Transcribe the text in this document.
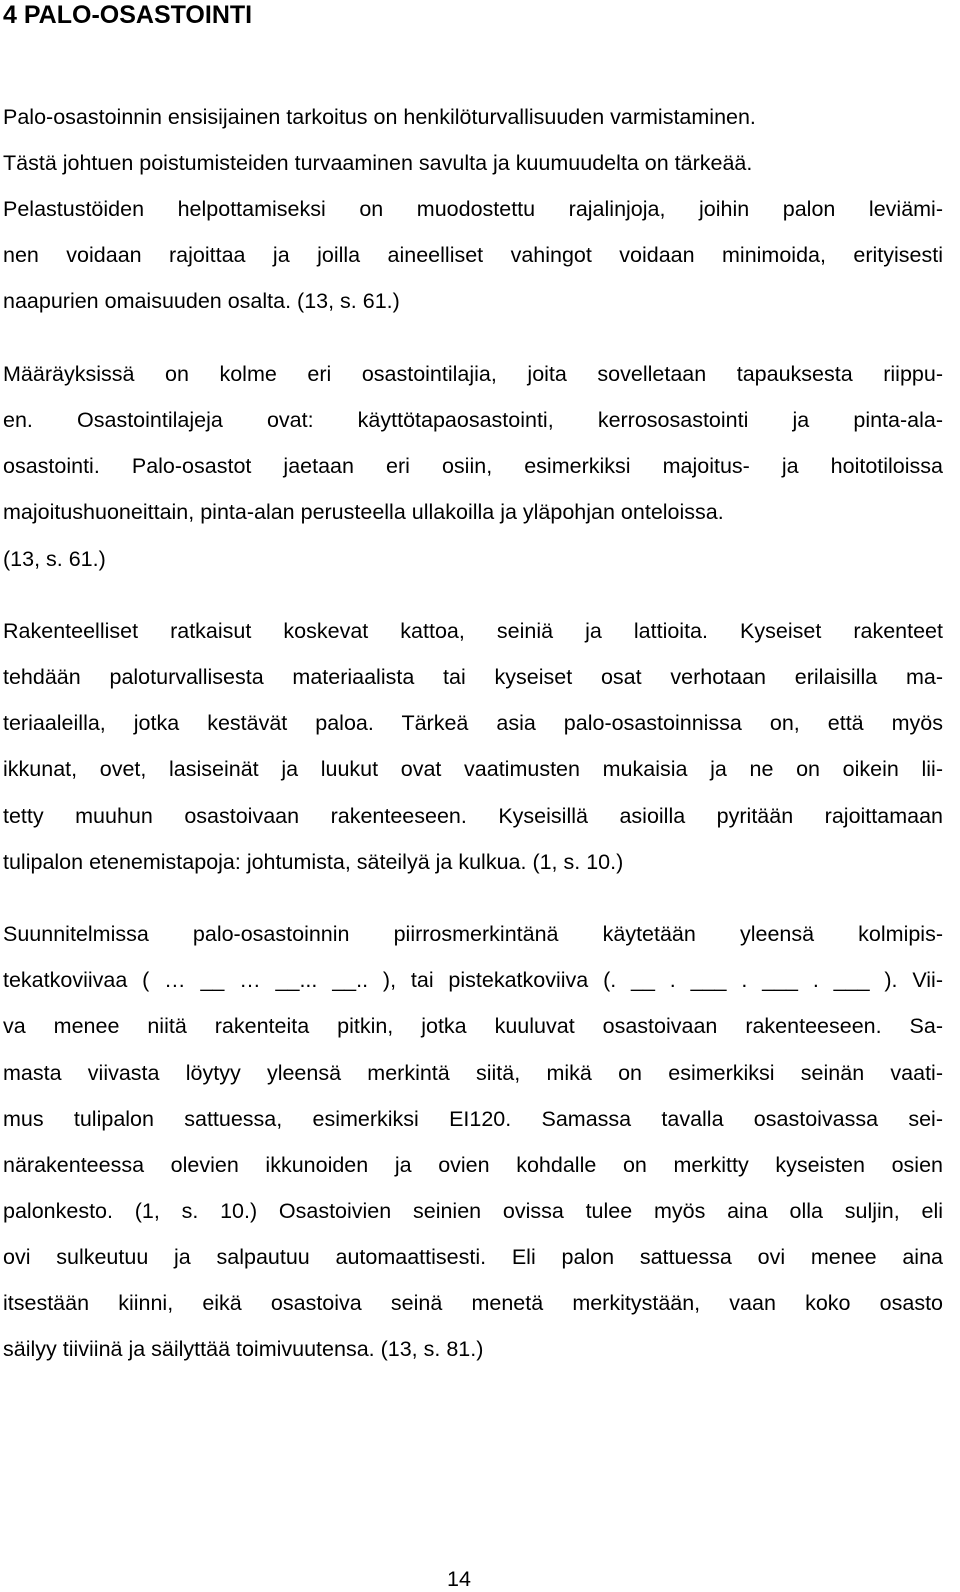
4 PALO-OSASTOINTI
Palo-osastoinnin ensisijainen tarkoitus on henkilöturvallisuuden varmistaminen.
Tästä johtuen poistumisteiden turvaaminen savulta ja kuumuudelta on tärkeää.
Pelastustöiden helpottamiseksi on muodostettu rajalinjoja, joihin palon leviämi-
nen voidaan rajoittaa ja joilla aineelliset vahingot voidaan minimoida, erityisesti
naapurien omaisuuden osalta. (13, s. 61.)
Määräyksissä on kolme eri osastointilajia, joita sovelletaan tapauksesta riippu-
en. Osastointilajeja ovat: käyttötapaosastointi, kerrososastointi ja pinta-ala-
osastointi. Palo-osastot jaetaan eri osiin, esimerkiksi majoitus- ja hoitotiloissa
majoitushuoneittain, pinta-alan perusteella ullakoilla ja yläpohjan onteloissa.
(13, s. 61.)
Rakenteelliset ratkaisut koskevat kattoa, seiniä ja lattioita. Kyseiset rakenteet
tehdään paloturvallisesta materiaalista tai kyseiset osat verhotaan erilaisilla ma-
teriaaleilla, jotka kestävät paloa. Tärkeä asia palo-osastoinnissa on, että myös
ikkunat, ovet, lasiseinät ja luukut ovat vaatimusten mukaisia ja ne on oikein lii-
tetty muuhun osastoivaan rakenteeseen. Kyseisillä asioilla pyritään rajoittamaan
tulipalon etenemistapoja: johtumista, säteilyä ja kulkua. (1, s. 10.)
Suunnitelmissa palo-osastoinnin piirrosmerkintänä käytetään yleensä kolmipis-
tekatkoviivaa ( … __ … __... __.. ), tai pistekatkoviiva (. __ . ___ . ___ . ___ ). Vii-
va menee niitä rakenteita pitkin, jotka kuuluvat osastoivaan rakenteeseen. Sa-
masta viivasta löytyy yleensä merkintä siitä, mikä on esimerkiksi seinän vaati-
mus tulipalon sattuessa, esimerkiksi EI120. Samassa tavalla osastoivassa sei-
närakenteessa olevien ikkunoiden ja ovien kohdalle on merkitty kyseisten osien
palonkesto. (1, s. 10.) Osastoivien seinien ovissa tulee myös aina olla suljin, eli
ovi sulkeutuu ja salpautuu automaattisesti. Eli palon sattuessa ovi menee aina
itsestään kiinni, eikä osastoiva seinä menetä merkitystään, vaan koko osasto
säilyy tiiviinä ja säilyttää toimivuutensa. (13, s. 81.)
14
